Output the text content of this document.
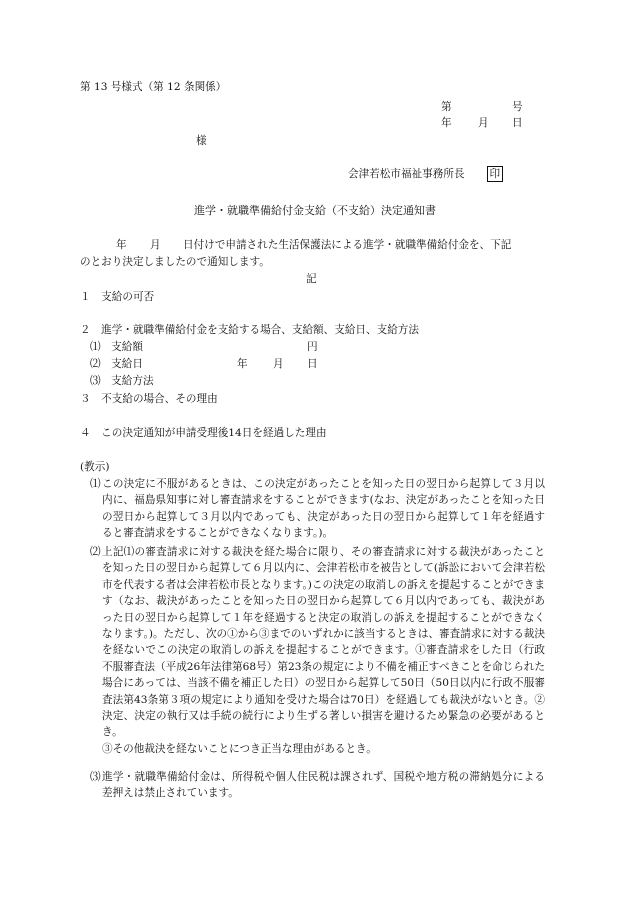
第 13 号様式（第 12 条関係）
第	号
年 月 日
様
会津若松市福祉事務所長 印
進学・就職準備給付金支給（不支給）決定通知書
年 月 日付けで申請された生活保護法による進学・就職準備給付金を、下記
のとおり決定しましたので通知します。
記
１　支給の可否
２　進学・就職準備給付金を支給する場合、支給額、支給日、支給方法
⑴　支給額	円
⑵　支給日	年 月 日
⑶　支給方法
３　不支給の場合、その理由
４　この決定通知が申請受理後14日を経過した理由
(教示)
⑴ この決定に不服があるときは、この決定があったことを知った日の翌日から起算して３月以内に、福島県知事に対し審査請求をすることができます(なお、決定があったことを知った日の翌日から起算して３月以内であっても、決定があった日の翌日から起算して１年を経過すると審査請求をすることができなくなります。)。

⑵ 上記⑴の審査請求に対する裁決を経た場合に限り、その審査請求に対する裁決があったことを知った日の翌日から起算して６月以内に、会津若松市を被告として(訴訟において会津若松市を代表する者は会津若松市長となります。)この決定の取消しの訴えを提起することができます（なお、裁決があったことを知った日の翌日から起算して６月以内であっても、裁決があった日の翌日から起算して１年を経過すると決定の取消しの訴えを提起することができなくなります。)。ただし、次の①から③までのいずれかに該当するときは、審査請求に対する裁決を経ないでこの決定の取消しの訴えを提起することができます。①審査請求をした日（行政不服審査法（平成26年法律第68号）第23条の規定により不備を補正すべきことを命じられた場合にあっては、当該不備を補正した日）の翌日から起算して50日（50日以内に行政不服審査法第43条第３項の規定により通知を受けた場合は70日）を経過しても裁決がないとき。②決定、決定の執行又は手続の続行により生ずる著しい損害を避けるため緊急の必要があるとき。

③その他裁決を経ないことにつき正当な理由があるとき。

⑶ 進学・就職準備給付金は、所得税や個人住民税は課されず、国税や地方税の滞納処分による差押えは禁止されています。
